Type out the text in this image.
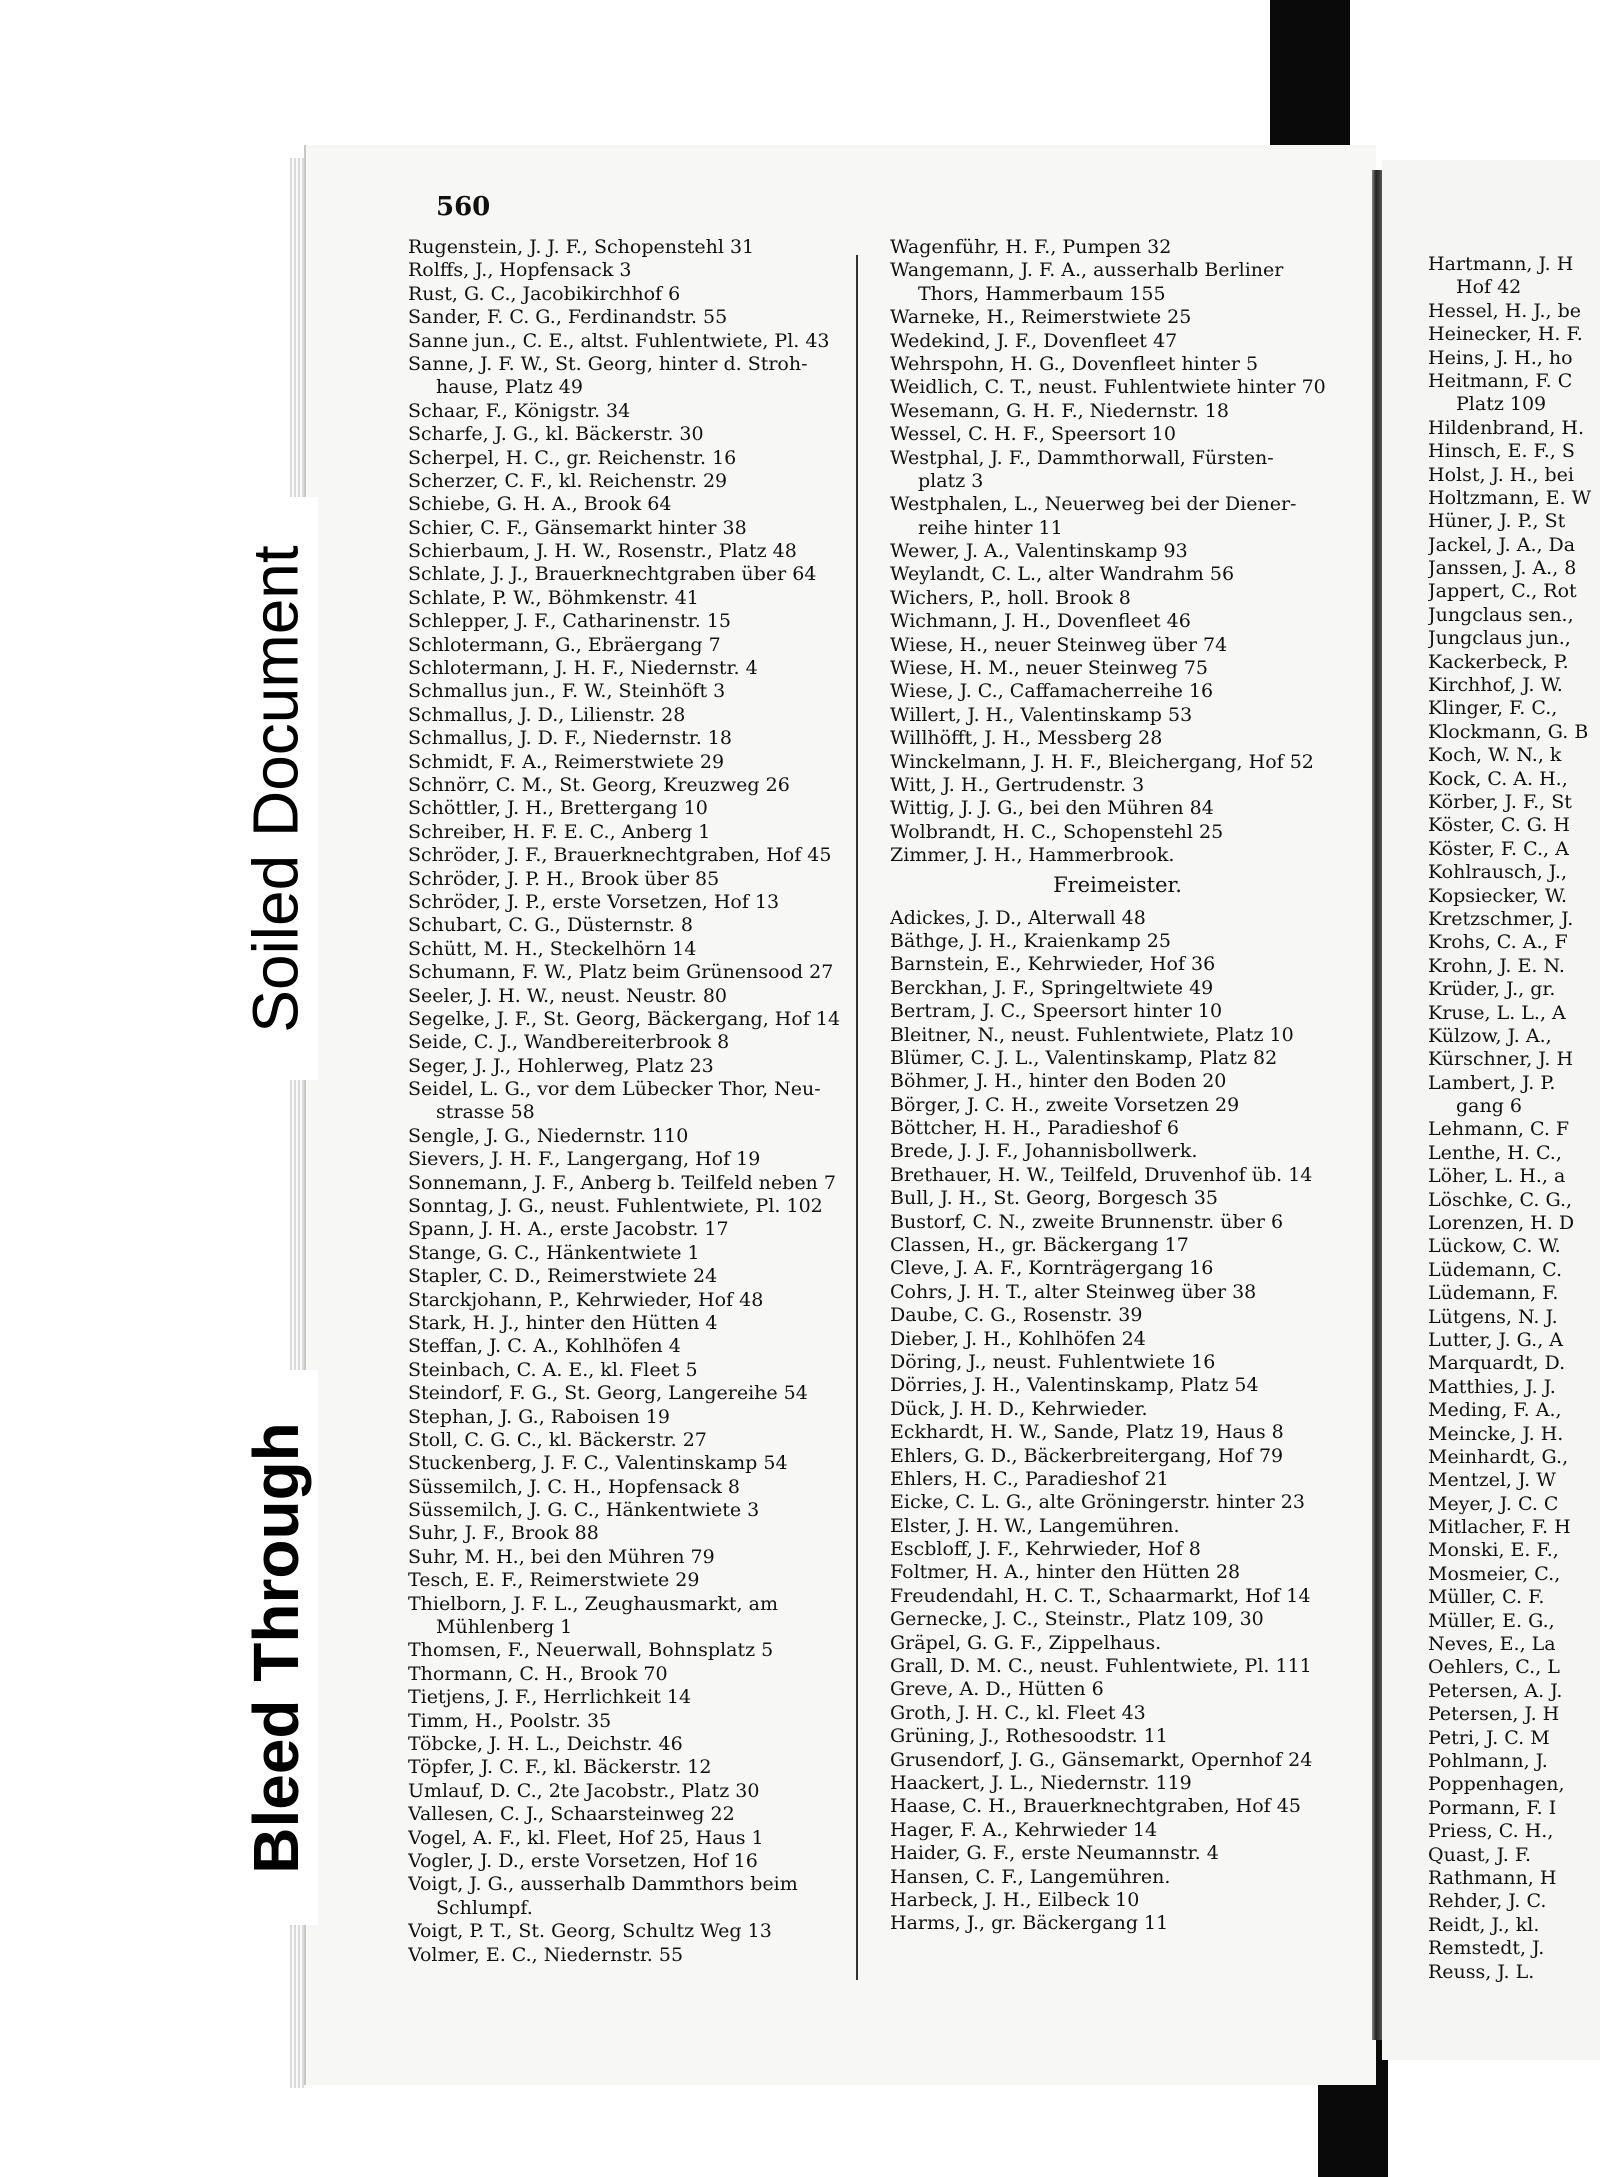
560
Rugenstein, J. J. F., Schopenstehl 31
Rolffs, J., Hopfensack 3
Rust, G. C., Jacobikirchhof 6
Sander, F. C. G., Ferdinandstr. 55
Sanne jun., C. E., altst. Fuhlentwiete, Pl. 43
Sanne, J. F. W., St. Georg, hinter d. Stroh-
hause, Platz 49
Schaar, F., Königstr. 34
Scharfe, J. G., kl. Bäckerstr. 30
Scherpel, H. C., gr. Reichenstr. 16
Scherzer, C. F., kl. Reichenstr. 29
Schiebe, G. H. A., Brook 64
Schier, C. F., Gänsemarkt hinter 38
Schierbaum, J. H. W., Rosenstr., Platz 48
Schlate, J. J., Brauerknechtgraben über 64
Schlate, P. W., Böhmkenstr. 41
Schlepper, J. F., Catharinenstr. 15
Schlotermann, G., Ebräergang 7
Schlotermann, J. H. F., Niedernstr. 4
Schmallus jun., F. W., Steinhöft 3
Schmallus, J. D., Lilienstr. 28
Schmallus, J. D. F., Niedernstr. 18
Schmidt, F. A., Reimerstwiete 29
Schnörr, C. M., St. Georg, Kreuzweg 26
Schöttler, J. H., Brettergang 10
Schreiber, H. F. E. C., Anberg 1
Schröder, J. F., Brauerknechtgraben, Hof 45
Schröder, J. P. H., Brook über 85
Schröder, J. P., erste Vorsetzen, Hof 13
Schubart, C. G., Düsternstr. 8
Schütt, M. H., Steckelhörn 14
Schumann, F. W., Platz beim Grünensood 27
Seeler, J. H. W., neust. Neustr. 80
Segelke, J. F., St. Georg, Bäckergang, Hof 14
Seide, C. J., Wandbereiterbrook 8
Seger, J. J., Hohlerweg, Platz 23
Seidel, L. G., vor dem Lübecker Thor, Neu-
strasse 58
Sengle, J. G., Niedernstr. 110
Sievers, J. H. F., Langergang, Hof 19
Sonnemann, J. F., Anberg b. Teilfeld neben 7
Sonntag, J. G., neust. Fuhlentwiete, Pl. 102
Spann, J. H. A., erste Jacobstr. 17
Stange, G. C., Hänkentwiete 1
Stapler, C. D., Reimerstwiete 24
Starckjohann, P., Kehrwieder, Hof 48
Stark, H. J., hinter den Hütten 4
Steffan, J. C. A., Kohlhöfen 4
Steinbach, C. A. E., kl. Fleet 5
Steindorf, F. G., St. Georg, Langereihe 54
Stephan, J. G., Raboisen 19
Stoll, C. G. C., kl. Bäckerstr. 27
Stuckenberg, J. F. C., Valentinskamp 54
Süssemilch, J. C. H., Hopfensack 8
Süssemilch, J. G. C., Hänkentwiete 3
Suhr, J. F., Brook 88
Suhr, M. H., bei den Mühren 79
Tesch, E. F., Reimerstwiete 29
Thielborn, J. F. L., Zeughausmarkt, am
Mühlenberg 1
Thomsen, F., Neuerwall, Bohnsplatz 5
Thormann, C. H., Brook 70
Tietjens, J. F., Herrlichkeit 14
Timm, H., Poolstr. 35
Töbcke, J. H. L., Deichstr. 46
Töpfer, J. C. F., kl. Bäckerstr. 12
Umlauf, D. C., 2te Jacobstr., Platz 30
Vallesen, C. J., Schaarsteinweg 22
Vogel, A. F., kl. Fleet, Hof 25, Haus 1
Vogler, J. D., erste Vorsetzen, Hof 16
Voigt, J. G., ausserhalb Dammthors beim
Schlumpf.
Voigt, P. T., St. Georg, Schultz Weg 13
Volmer, E. C., Niedernstr. 55
Wagenführ, H. F., Pumpen 32
Wangemann, J. F. A., ausserhalb Berliner
Thors, Hammerbaum 155
Warneke, H., Reimerstwiete 25
Wedekind, J. F., Dovenfleet 47
Wehrspohn, H. G., Dovenfleet hinter 5
Weidlich, C. T., neust. Fuhlentwiete hinter 70
Wesemann, G. H. F., Niedernstr. 18
Wessel, C. H. F., Speersort 10
Westphal, J. F., Dammthorwall, Fürsten-
platz 3
Westphalen, L., Neuerweg bei der Diener-
reihe hinter 11
Wewer, J. A., Valentinskamp 93
Weylandt, C. L., alter Wandrahm 56
Wichers, P., holl. Brook 8
Wichmann, J. H., Dovenfleet 46
Wiese, H., neuer Steinweg über 74
Wiese, H. M., neuer Steinweg 75
Wiese, J. C., Caffamacherreihe 16
Willert, J. H., Valentinskamp 53
Willhöfft, J. H., Messberg 28
Winckelmann, J. H. F., Bleichergang, Hof 52
Witt, J. H., Gertrudenstr. 3
Wittig, J. J. G., bei den Mühren 84
Wolbrandt, H. C., Schopenstehl 25
Zimmer, J. H., Hammerbrook.
Freimeister.
Adickes, J. D., Alterwall 48
Bäthge, J. H., Kraienkamp 25
Barnstein, E., Kehrwieder, Hof 36
Berckhan, J. F., Springeltwiete 49
Bertram, J. C., Speersort hinter 10
Bleitner, N., neust. Fuhlentwiete, Platz 10
Blümer, C. J. L., Valentinskamp, Platz 82
Böhmer, J. H., hinter den Boden 20
Börger, J. C. H., zweite Vorsetzen 29
Böttcher, H. H., Paradieshof 6
Brede, J. J. F., Johannisbollwerk.
Brethauer, H. W., Teilfeld, Druvenhof üb. 14
Bull, J. H., St. Georg, Borgesch 35
Bustorf, C. N., zweite Brunnenstr. über 6
Classen, H., gr. Bäckergang 17
Cleve, J. A. F., Kornträgergang 16
Cohrs, J. H. T., alter Steinweg über 38
Daube, C. G., Rosenstr. 39
Dieber, J. H., Kohlhöfen 24
Döring, J., neust. Fuhlentwiete 16
Dörries, J. H., Valentinskamp, Platz 54
Dück, J. H. D., Kehrwieder.
Eckhardt, H. W., Sande, Platz 19, Haus 8
Ehlers, G. D., Bäckerbreitergang, Hof 79
Ehlers, H. C., Paradieshof 21
Eicke, C. L. G., alte Gröningerstr. hinter 23
Elster, J. H. W., Langemühren.
Escbloff, J. F., Kehrwieder, Hof 8
Foltmer, H. A., hinter den Hütten 28
Freudendahl, H. C. T., Schaarmarkt, Hof 14
Gernecke, J. C., Steinstr., Platz 109, 30
Gräpel, G. G. F., Zippelhaus.
Grall, D. M. C., neust. Fuhlentwiete, Pl. 111
Greve, A. D., Hütten 6
Groth, J. H. C., kl. Fleet 43
Grüning, J., Rothesoodstr. 11
Grusendorf, J. G., Gänsemarkt, Opernhof 24
Haackert, J. L., Niedernstr. 119
Haase, C. H., Brauerknechtgraben, Hof 45
Hager, F. A., Kehrwieder 14
Haider, G. F., erste Neumannstr. 4
Hansen, C. F., Langemühren.
Harbeck, J. H., Eilbeck 10
Harms, J., gr. Bäckergang 11
Hartmann, J. H
Hof 42
Hessel, H. J., be
Heinecker, H. F.
Heins, J. H., ho
Heitmann, F. C
Platz 109
Hildenbrand, H.
Hinsch, E. F., S
Holst, J. H., bei
Holtzmann, E. W
Hüner, J. P., St
Jackel, J. A., Da
Janssen, J. A., 8
Jappert, C., Rot
Jungclaus sen.,
Jungclaus jun.,
Kackerbeck, P.
Kirchhof, J. W.
Klinger, F. C.,
Klockmann, G. B
Koch, W. N., k
Kock, C. A. H.,
Körber, J. F., St
Köster, C. G. H
Köster, F. C., A
Kohlrausch, J.,
Kopsiecker, W.
Kretzschmer, J.
Krohs, C. A., F
Krohn, J. E. N.
Krüder, J., gr.
Kruse, L. L., A
Külzow, J. A.,
Kürschner, J. H
Lambert, J. P.
gang 6
Lehmann, C. F
Lenthe, H. C.,
Löher, L. H., a
Löschke, C. G.,
Lorenzen, H. D
Lückow, C. W.
Lüdemann, C.
Lüdemann, F.
Lütgens, N. J.
Lutter, J. G., A
Marquardt, D.
Matthies, J. J.
Meding, F. A.,
Meincke, J. H.
Meinhardt, G.,
Mentzel, J. W
Meyer, J. C. C
Mitlacher, F. H
Monski, E. F.,
Mosmeier, C.,
Müller, C. F.
Müller, E. G.,
Neves, E., La
Oehlers, C., L
Petersen, A. J.
Petersen, J. H
Petri, J. C. M
Pohlmann, J.
Poppenhagen,
Pormann, F. I
Priess, C. H.,
Quast, J. F.
Rathmann, H
Rehder, J. C.
Reidt, J., kl.
Remstedt, J.
Reuss, J. L.
Soiled Document
Bleed Through
